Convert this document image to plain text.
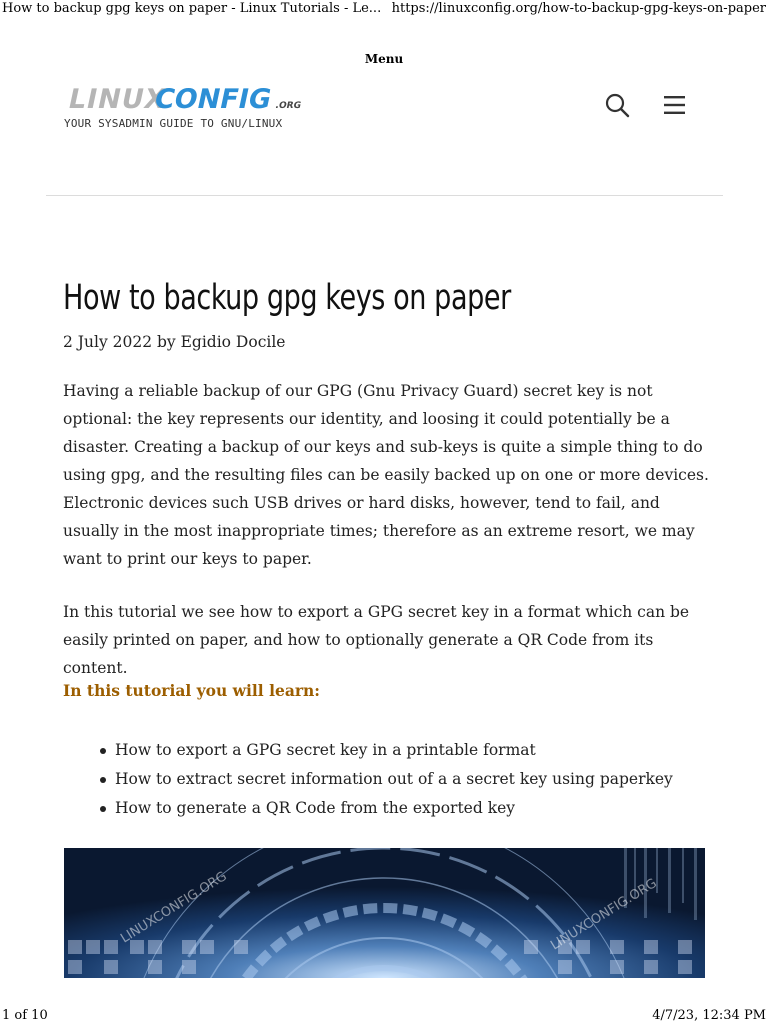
How to backup gpg keys on paper - Linux Tutorials - Le... https://linuxconfig.org/how-to-backup-gpg-keys-on-paper
Menu
LINUX
CONFIG .ORG
YOUR SYSADMIN GUIDE TO GNU/LINUX
How to backup gpg keys on paper
2 July 2022 by Egidio Docile

Having a reliable backup of our GPG (Gnu Privacy Guard) secret key is not optional: the key represents our identity, and loosing it could potentially be a disaster. Creating a backup of our keys and sub-keys is quite a simple thing to do using gpg, and the resulting files can be easily backed up on one or more devices. Electronic devices such USB drives or hard disks, however, tend to fail, and usually in the most inappropriate times; therefore as an extreme resort, we may want to print our keys to paper.

In this tutorial we see how to export a GPG secret key in a format which can be easily printed on paper, and how to optionally generate a QR Code from its content.

In this tutorial you will learn:
How to export a GPG secret key in a printable format
How to extract secret information out of a a secret key using paperkey
How to generate a QR Code from the exported key
LINUXCONFIG.ORG	LINUXCONFIG.ORG
1 of 10	4/7/23, 12:34 PM
